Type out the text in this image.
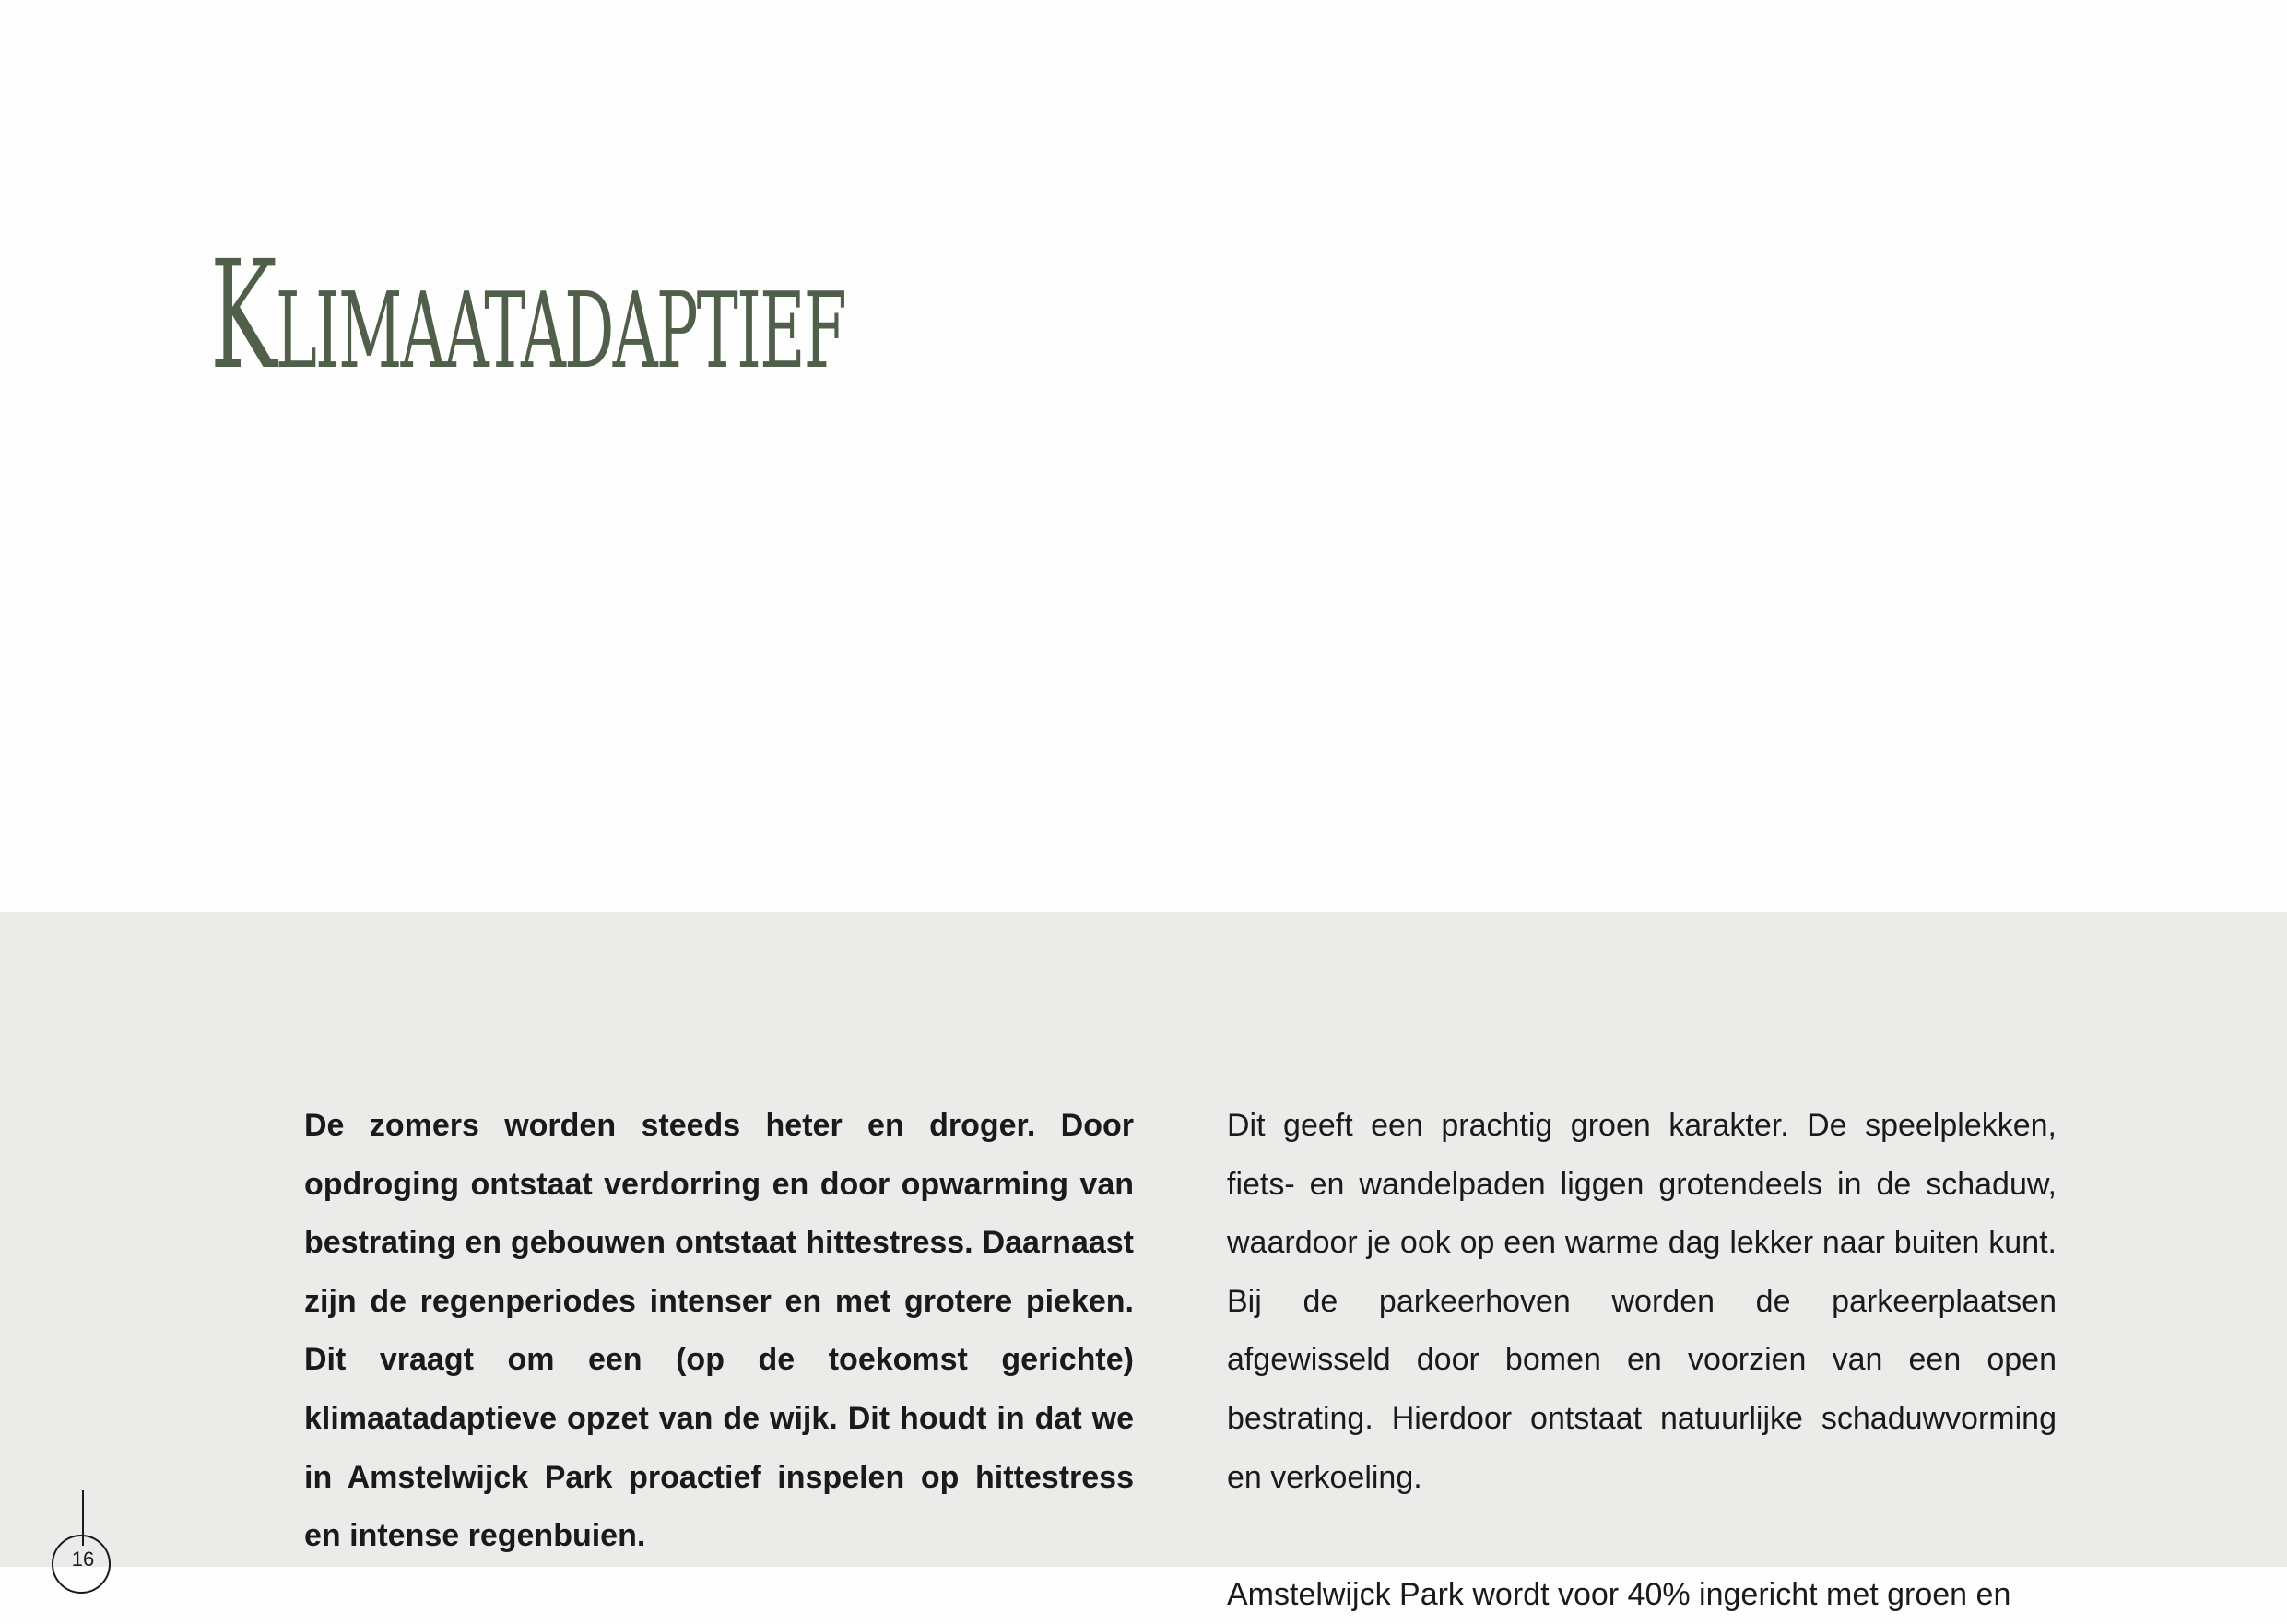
Klimaatadaptief

De zomers worden steeds heter en droger. Door opdroging ontstaat verdorring en door opwarming van bestrating en gebouwen ontstaat hittestress. Daarnaast zijn de regenperiodes intenser en met grotere pieken. Dit vraagt om een (op de toekomst gerichte) klimaatadaptieve opzet van de wijk. Dit houdt in dat we in Amstelwijck Park proactief inspelen op hittestress en intense regenbuien.

Dit geeft een prachtig groen karakter. De speelplekken, fiets- en wandelpaden liggen grotendeels in de schaduw, waardoor je ook op een warme dag lekker naar buiten kunt. Bij de parkeerhoven worden de parkeerplaatsen afgewisseld door bomen en voorzien van een open bestrating. Hierdoor ontstaat natuurlijke schaduwvorming en verkoeling.

Amstelwijck Park wordt voor 40% ingericht met groen en

16
